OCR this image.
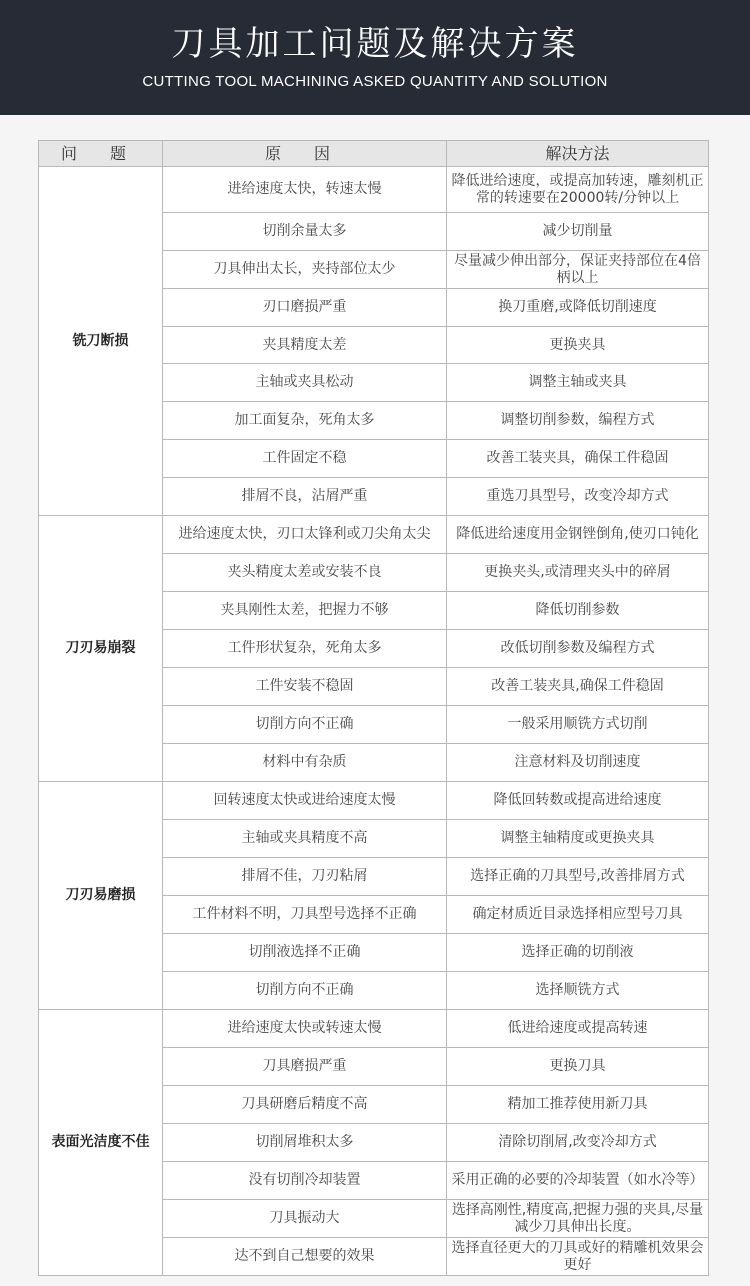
刀具加工问题及解决方案
CUTTING TOOL MACHINING ASKED QUANTITY AND SOLUTION
问 题	原 因	解决方法
铣刀断损	进给速度太快，转速太慢	降低进给速度，或提高加转速，雕刻机正常的转速要在20000转/分钟以上
	切削余量太多	减少切削量
	刀具伸出太长，夹持部位太少	尽量减少伸出部分，保证夹持部位在4倍柄以上
	刃口磨损严重	换刀重磨,或降低切削速度
	夹具精度太差	更换夹具
	主轴或夹具松动	调整主轴或夹具
	加工面复杂，死角太多	调整切削参数，编程方式
	工件固定不稳	改善工装夹具，确保工件稳固
	排屑不良，沾屑严重	重选刀具型号，改变冷却方式
刀刃易崩裂	进给速度太快，刃口太锋利或刀尖角太尖	降低进给速度用金钢锉倒角,使刃口钝化
	夹头精度太差或安装不良	更换夹头,或清理夹头中的碎屑
	夹具刚性太差，把握力不够	降低切削参数
	工件形状复杂，死角太多	改低切削参数及编程方式
	工件安装不稳固	改善工装夹具,确保工件稳固
	切削方向不正确	一般采用顺铣方式切削
	材料中有杂质	注意材料及切削速度
刀刃易磨损	回转速度太快或进给速度太慢	降低回转数或提高进给速度
	主轴或夹具精度不高	调整主轴精度或更换夹具
	排屑不佳，刀刃粘屑	选择正确的刀具型号,改善排屑方式
	工件材料不明，刀具型号选择不正确	确定材质近目录选择相应型号刀具
	切削液选择不正确	选择正确的切削液
	切削方向不正确	选择顺铣方式
表面光洁度不佳	进给速度太快或转速太慢	低进给速度或提高转速
	刀具磨损严重	更换刀具
	刀具研磨后精度不高	精加工推荐使用新刀具
	切削屑堆积太多	清除切削屑,改变冷却方式
	没有切削冷却装置	采用正确的必要的冷却装置（如水冷等）
	刀具振动大	选择高刚性,精度高,把握力强的夹具,尽量减少刀具伸出长度。
	达不到自己想要的效果	选择直径更大的刀具或好的精雕机效果会更好
